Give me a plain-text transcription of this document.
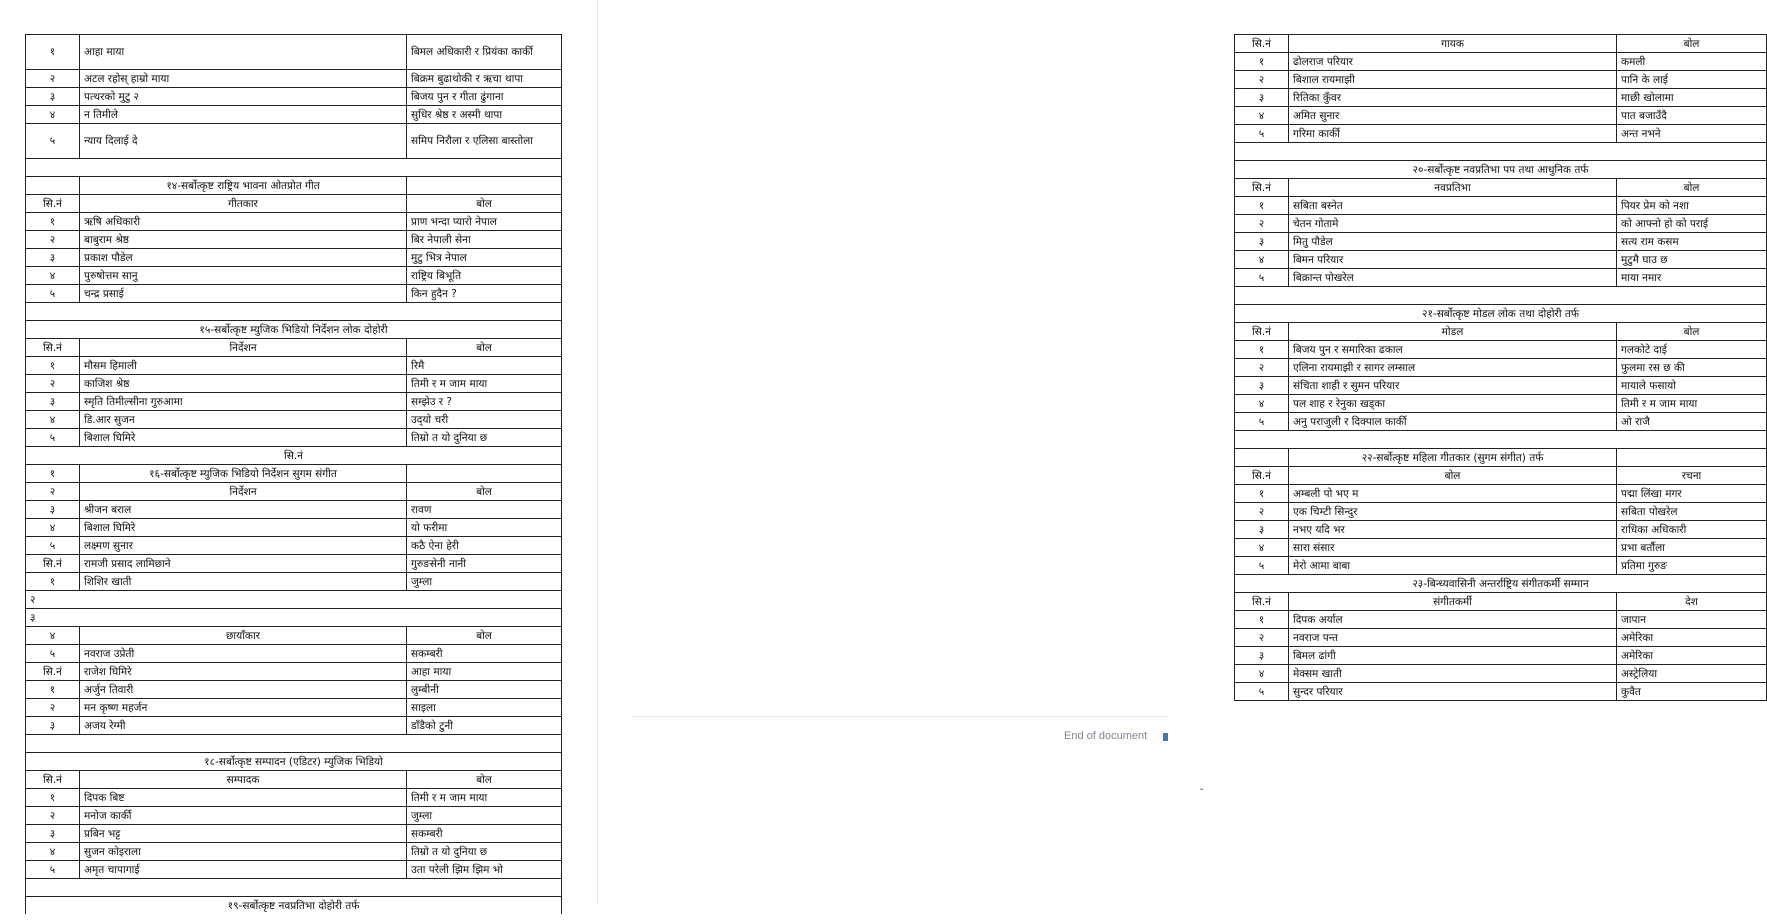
१	आहा माया	बिमल अधिकारी र प्रियंका कार्की
२	अटल रहोस् हाम्रो माया	बिक्रम बुढाथोकी र ऋचा थापा
३	पत्थरको मुटु २	बिजय पुन र गीता ढुंगाना
४	न तिमीले	सुधिर श्रेष्ठ र अस्मी थापा
५	न्याय दिलाई दे	समिप निरौला र एलिसा बास्तोला

	१४-सर्बोत्कृष्ट राष्ट्रिय भावना ओतप्रोत गीत	
सि.नं	गीतकार	बोल
१	ऋषि अधिकारी	प्राण भन्दा प्यारो नेपाल
२	बाबुराम श्रेष्ठ	बिर नेपाली सेना
३	प्रकाश पौडेल	मुटु भित्र नेपाल
४	पुरुषोत्तम सानु	राष्ट्रिय बिभूति
५	चन्द्र प्रसाई	किन हुदैन ?

१५-सर्बोत्कृष्ट म्युजिक भिडियो निर्देशन लोक दोहोरी		
सि.नं	निर्देशन	बोल
१	मौसम हिमाली	रिमै
२	काजिश श्रेष्ठ	तिमी र म जाम माया
३	स्मृति तिमील्सीना गुरुआमा	सम्झेउ र ?
४	डि.आर सुजन	उद्‍यो चरी
५	बिशाल घिमिरे	तिम्रो त यो दुनिया छ
सि.नं		
१	१६-सर्बोत्कृष्ट म्युजिक भिडियो निर्देशन सुगम संगीत	
२	निर्देशन	बोल
३	श्रीजन बराल	रावण
४	बिशाल घिमिरे	यो फरीमा
५	लक्ष्मण सुनार	कठै ऐना हेरी
सि.नं	रामजी प्रसाद लामिछाने	गुरुङसेनी नानी
१	शिशिर खाती	जुम्ला
२		
३		
४	छायाँकार	बोल
५	नवराज उप्रेती	सकम्बरी
सि.नं	राजेश घिमिरे	आहा माया
१	अर्जुन तिवारी	लुम्बीनी
२	मन कृष्ण महर्जन	साइला
३	अजय रेग्मी	डाँडैको टुनी

१८-सर्बोत्कृष्ट सम्पादन (एडिटर) म्युजिक भिडियो		
सि.नं	सम्पादक	बोल
१	दिपक बिष्ट	तिमी र म जाम माया
२	मनोज कार्की	जुम्ला
३	प्रबिन भट्ट	सकम्बरी
४	सुजन कोइराला	तिम्रो त यो दुनिया छ
५	अमृत चापागाई	उता परेली झिम झिम भो

१९-सर्बोत्कृष्ट नवप्रतिभा दोहोरी तर्फ		
सि.नं	गायक	बोल
१	ढोलराज परियार	कमली
२	बिशाल रायमाझी	पानि के लाई
३	रितिका कुँवर	माछी खोलामा
४	अमित सुनार	पात बजाउँदै
५	गरिमा कार्की	अन्त नभने

२०-सर्बोत्कृष्ट नवप्रतिभा पप तथा आधुनिक तर्फ		
सि.नं	नवप्रतिभा	बोल
१	सबिता बस्नेत	पियर प्रेम को नशा
२	चेतन गोतामे	को आफ्नो हो को पराई
३	मितु पौडेल	सत्य राम कसम
४	बिमन परियार	मुटुमै घाउ छ
५	बिक्रान्त पोखरेल	माया नमार

२१-सर्बोत्कृष्ट मोडल लोक तथा दोहोरी तर्फ		
सि.नं	मोडल	बोल
१	बिजय पुन र समारिका ढकाल	गलकोटे दाई
२	एलिना रायमाझी र सागर लम्साल	फुलमा रस छ की
३	संचिता शाही र सुमन परियार	मायाले फसायो
४	पल शाह र रेनुका खड्का	तिमी र म जाम माया
५	अनु पराजुली र दिक्पाल कार्की	ओ राजै

	२२-सर्बोत्कृष्ट महिला गीतकार (सुगम संगीत) तर्फ	
सि.नं	बोल	रचना
१	अम्बली पो भए म	पद्मा लिंखा मगर
२	एक चिम्टी सिन्दुर	सबिता पोखरेल
३	नभए यदि भर	राधिका अधिकारी
४	सारा संसार	प्रभा बर्तौला
५	मेरो आमा बाबा	प्रतिमा गुरुङ
२३-बिन्ध्यवासिनी अन्तर्राष्ट्रिय संगीतकर्मी सम्मान		
सि.नं	संगीतकर्मी	देश
१	दिपक अर्याल	जापान
२	नवराज पन्त	अमेरिका
३	बिमल ढांगी	अमेरिका
४	मेक्सम खाती	अस्ट्रेलिया
५	सुन्दर परियार	कुवैत
End of document
ˇ
